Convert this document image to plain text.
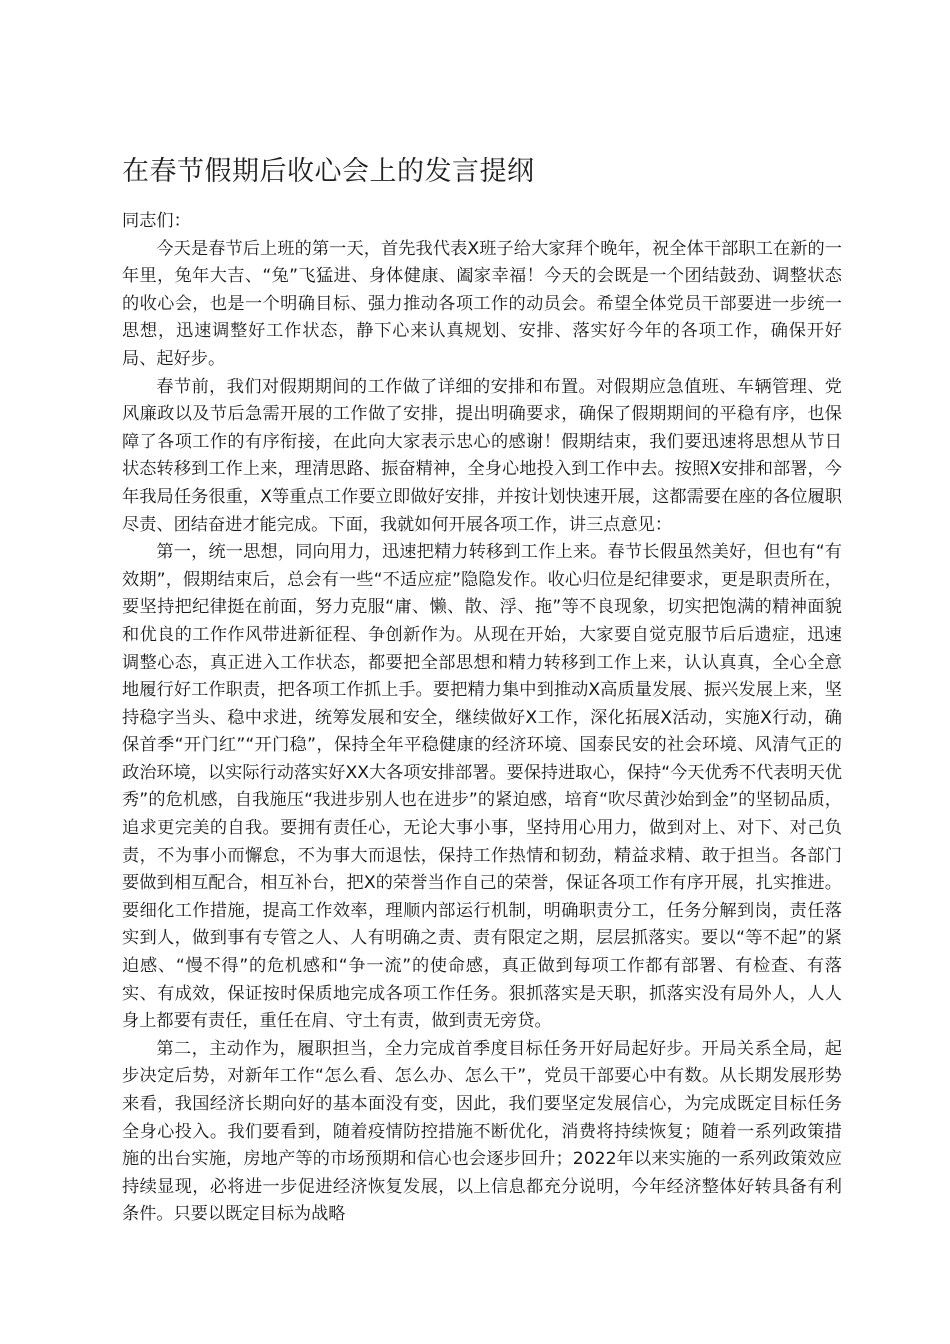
在春节假期后收心会上的发言提纲

同志们：

今天是春节后上班的第一天，首先我代表X班子给大家拜个晚年，祝全体干部职工在新的一年里，兔年大吉、“兔”飞猛进、身体健康、阖家幸福！今天的会既是一个团结鼓劲、调整状态的收心会，也是一个明确目标、强力推动各项工作的动员会。希望全体党员干部要进一步统一思想，迅速调整好工作状态，静下心来认真规划、安排、落实好今年的各项工作，确保开好局、起好步。

春节前，我们对假期期间的工作做了详细的安排和布置。对假期应急值班、车辆管理、党风廉政以及节后急需开展的工作做了安排，提出明确要求，确保了假期期间的平稳有序，也保障了各项工作的有序衔接，在此向大家表示忠心的感谢！假期结束，我们要迅速将思想从节日状态转移到工作上来，理清思路、振奋精神，全身心地投入到工作中去。按照X安排和部署，今年我局任务很重，X等重点工作要立即做好安排，并按计划快速开展，这都需要在座的各位履职尽责、团结奋进才能完成。下面，我就如何开展各项工作，讲三点意见：

第一，统一思想，同向用力，迅速把精力转移到工作上来。春节长假虽然美好，但也有“有效期”，假期结束后，总会有一些“不适应症”隐隐发作。收心归位是纪律要求，更是职责所在，要坚持把纪律挺在前面，努力克服“庸、懒、散、浮、拖”等不良现象，切实把饱满的精神面貌和优良的工作作风带进新征程、争创新作为。从现在开始，大家要自觉克服节后后遗症，迅速调整心态，真正进入工作状态，都要把全部思想和精力转移到工作上来，认认真真，全心全意地履行好工作职责，把各项工作抓上手。要把精力集中到推动X高质量发展、振兴发展上来，坚持稳字当头、稳中求进，统筹发展和安全，继续做好X工作，深化拓展X活动，实施X行动，确保首季“开门红”“开门稳”，保持全年平稳健康的经济环境、国泰民安的社会环境、风清气正的政治环境，以实际行动落实好XX大各项安排部署。要保持进取心，保持“今天优秀不代表明天优秀”的危机感，自我施压“我进步别人也在进步”的紧迫感，培育“吹尽黄沙始到金”的坚韧品质，追求更完美的自我。要拥有责任心，无论大事小事，坚持用心用力，做到对上、对下、对己负责，不为事小而懈怠，不为事大而退怯，保持工作热情和韧劲，精益求精、敢于担当。各部门要做到相互配合，相互补台，把X的荣誉当作自己的荣誉，保证各项工作有序开展，扎实推进。要细化工作措施，提高工作效率，理顺内部运行机制，明确职责分工，任务分解到岗，责任落实到人，做到事有专管之人、人有明确之责、责有限定之期，层层抓落实。要以“等不起”的紧迫感、“慢不得”的危机感和“争一流”的使命感，真正做到每项工作都有部署、有检查、有落实、有成效，保证按时保质地完成各项工作任务。狠抓落实是天职，抓落实没有局外人，人人身上都要有责任，重任在肩、守土有责，做到责无旁贷。

第二，主动作为，履职担当，全力完成首季度目标任务开好局起好步。开局关系全局，起步决定后势，对新年工作“怎么看、怎么办、怎么干”，党员干部要心中有数。从长期发展形势来看，我国经济长期向好的基本面没有变，因此，我们要坚定发展信心，为完成既定目标任务全身心投入。我们要看到，随着疫情防控措施不断优化，消费将持续恢复；随着一系列政策措施的出台实施，房地产等的市场预期和信心也会逐步回升；2022年以来实施的一系列政策效应持续显现，必将进一步促进经济恢复发展，以上信息都充分说明，今年经济整体好转具备有利条件。只要以既定目标为战略
